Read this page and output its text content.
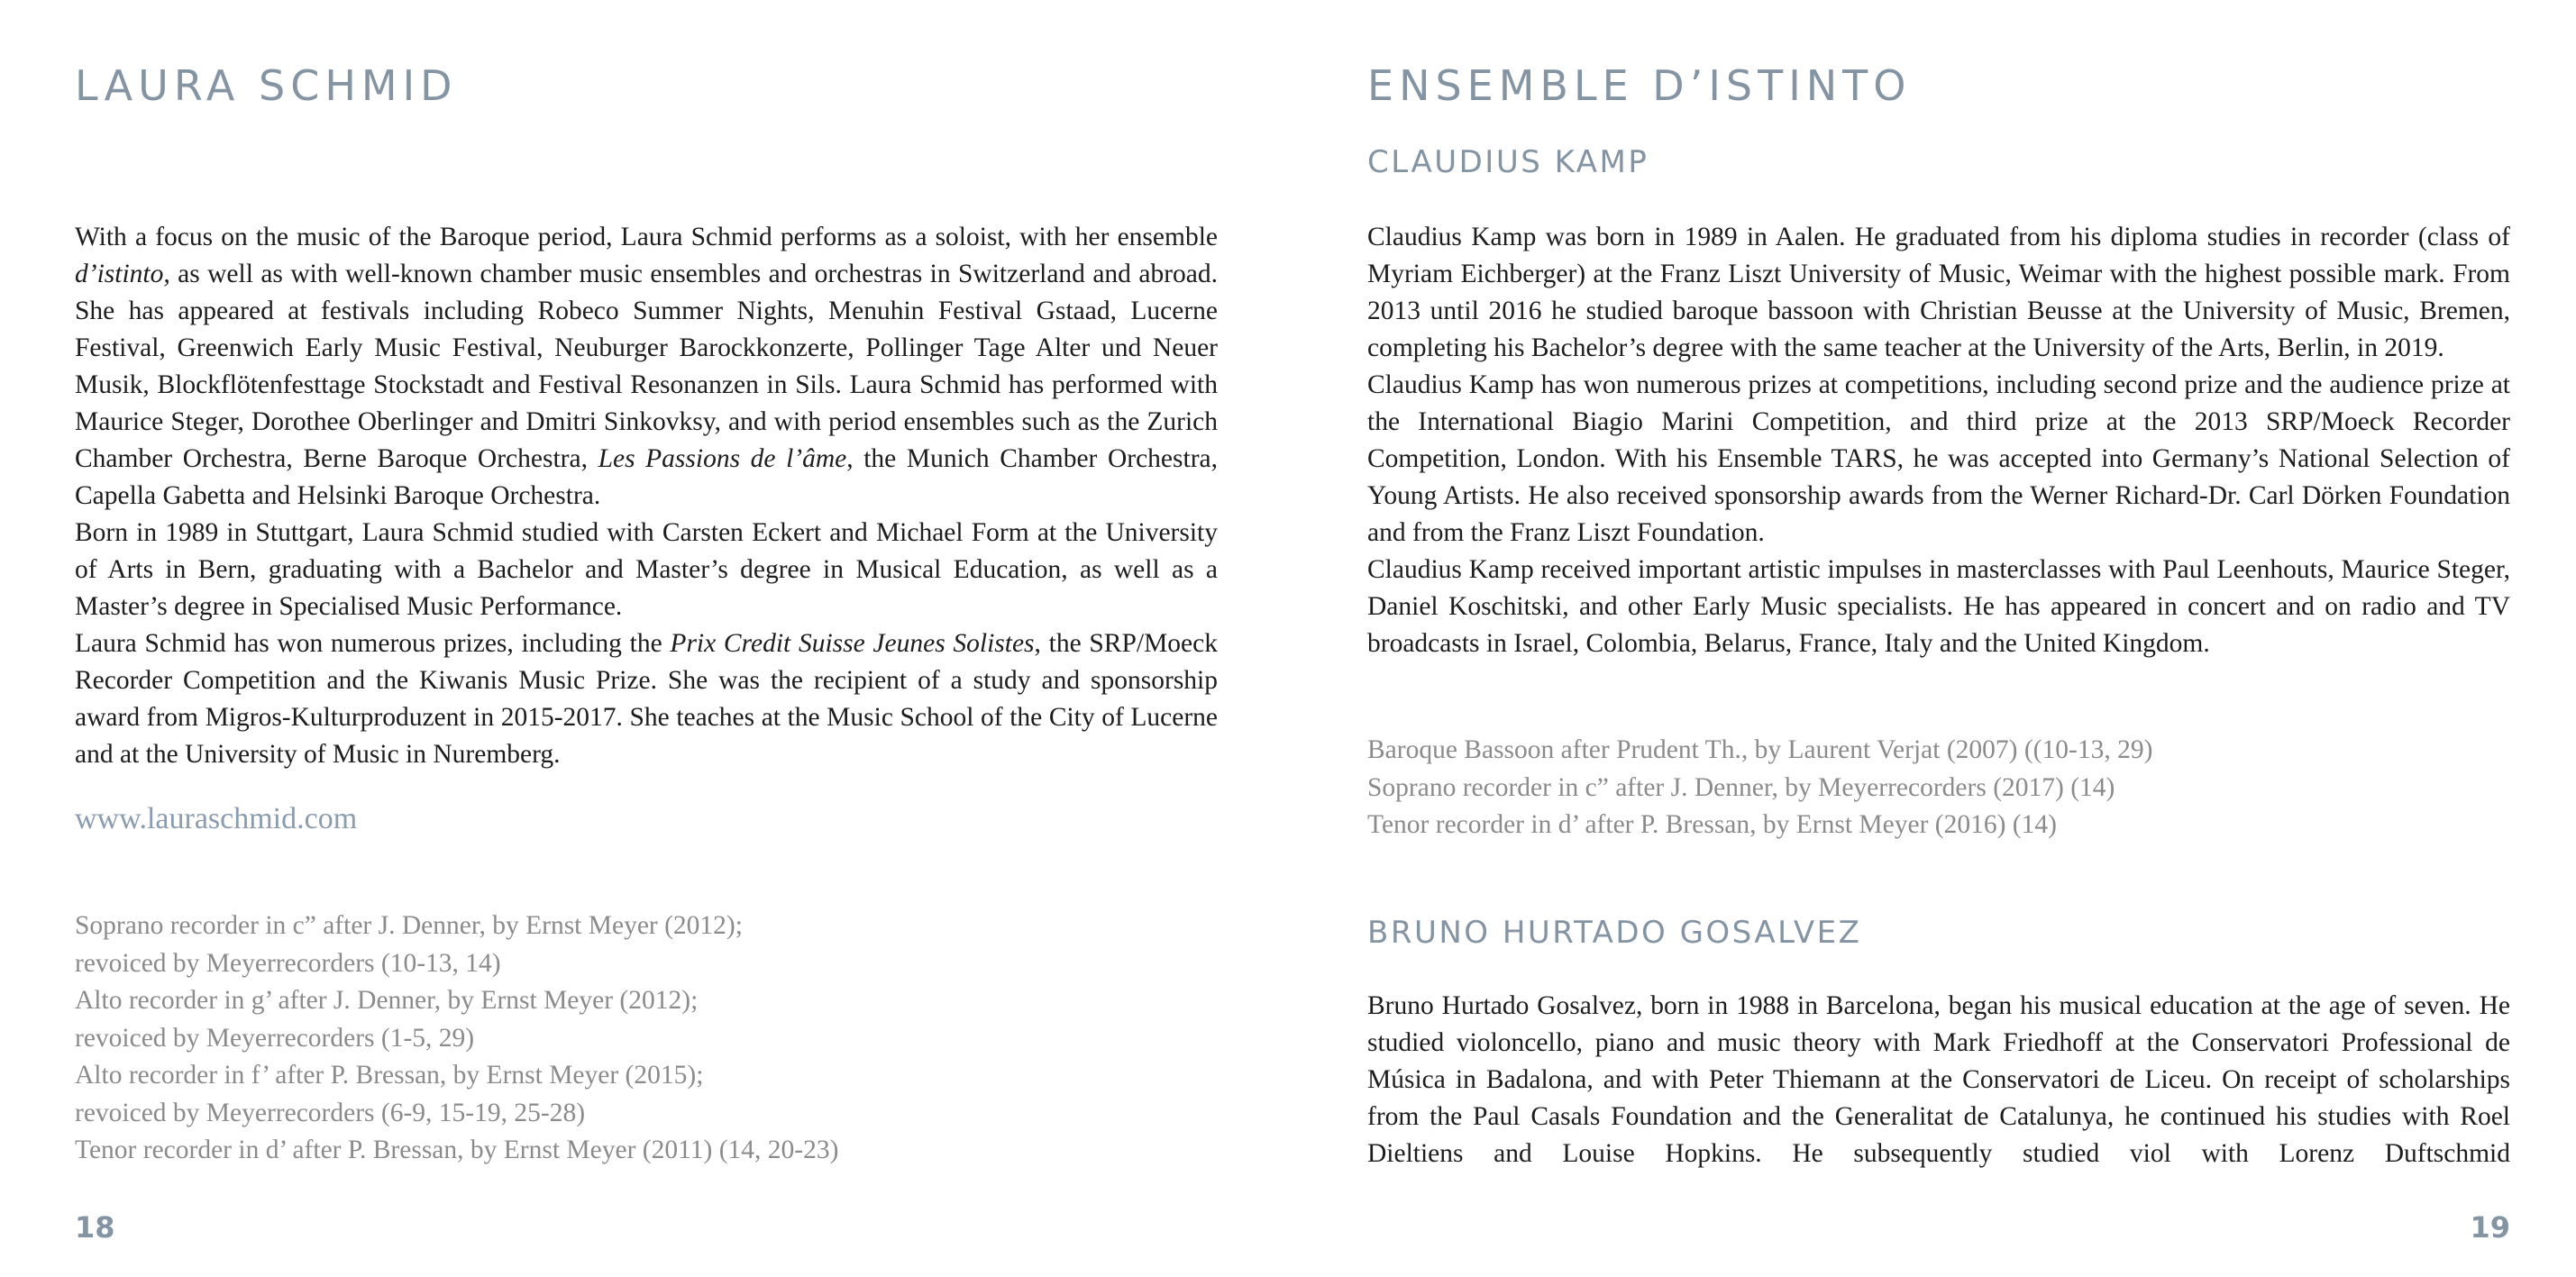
LAURA SCHMID

With a focus on the music of the Baroque period, Laura Schmid performs as a soloist, with her ensemble d’istinto, as well as with well-known chamber music ensembles and orchestras in Switzerland and abroad. She has appeared at festivals including Robeco Summer Nights, Menuhin Festival Gstaad, Lucerne Festival, Greenwich Early Music Festival, Neuburger Barockkonzerte, Pollinger Tage Alter und Neuer Musik, Blockflötenfesttage Stockstadt and Festival Resonanzen in Sils. Laura Schmid has performed with Maurice Steger, Dorothee Oberlinger and Dmitri Sinkovksy, and with period ensembles such as the Zurich Chamber Orchestra, Berne Baroque Orchestra, Les Passions de l’âme, the Munich Chamber Orchestra, Capella Gabetta and Helsinki Baroque Orchestra.

Born in 1989 in Stuttgart, Laura Schmid studied with Carsten Eckert and Michael Form at the University of Arts in Bern, graduating with a Bachelor and Master’s degree in Musical Education, as well as a Master’s degree in Specialised Music Performance.

Laura Schmid has won numerous prizes, including the Prix Credit Suisse Jeunes Solistes, the SRP/Moeck Recorder Competition and the Kiwanis Music Prize. She was the recipient of a study and sponsorship award from Migros-Kulturproduzent in 2015-2017. She teaches at the Music School of the City of Lucerne and at the University of Music in Nuremberg.

www.lauraschmid.com
Soprano recorder in c” after J. Denner, by Ernst Meyer (2012);
revoiced by Meyerrecorders (10-13, 14)
Alto recorder in g’ after J. Denner, by Ernst Meyer (2012);
revoiced by Meyerrecorders (1-5, 29)
Alto recorder in f’ after P. Bressan, by Ernst Meyer (2015);
revoiced by Meyerrecorders (6-9, 15-19, 25-28)
Tenor recorder in d’ after P. Bressan, by Ernst Meyer (2011) (14, 20-23)
18
ENSEMBLE D’ISTINTO
CLAUDIUS KAMP

Claudius Kamp was born in 1989 in Aalen. He graduated from his diploma studies in recorder (class of Myriam Eichberger) at the Franz Liszt University of Music, Weimar with the highest possible mark. From 2013 until 2016 he studied baroque bassoon with Christian Beusse at the University of Music, Bremen, completing his Bachelor’s degree with the same teacher at the University of the Arts, Berlin, in 2019.

Claudius Kamp has won numerous prizes at competitions, including second prize and the audience prize at the International Biagio Marini Competition, and third prize at the 2013 SRP/Moeck Recorder Competition, London. With his Ensemble TARS, he was accepted into Germany’s National Selection of Young Artists. He also received sponsorship awards from the Werner Richard-Dr. Carl Dörken Foundation and from the Franz Liszt Foundation.

Claudius Kamp received important artistic impulses in masterclasses with Paul Leenhouts, Maurice Steger, Daniel Koschitski, and other Early Music specialists. He has appeared in concert and on radio and TV broadcasts in Israel, Colombia, Belarus, France, Italy and the United Kingdom.

Baroque Bassoon after Prudent Th., by Laurent Verjat (2007) ((10-13, 29)
Soprano recorder in c” after J. Denner, by Meyerrecorders (2017) (14)
Tenor recorder in d’ after P. Bressan, by Ernst Meyer (2016) (14)
BRUNO HURTADO GOSALVEZ

Bruno Hurtado Gosalvez, born in 1988 in Barcelona, began his musical education at the age of seven. He studied violoncello, piano and music theory with Mark Friedhoff at the Conservatori Professional de Música in Badalona, and with Peter Thiemann at the Conservatori de Liceu. On receipt of scholarships from the Paul Casals Foundation and the Generalitat de Catalunya, he continued his studies with Roel Dieltiens and Louise Hopkins. He subsequently studied viol with Lorenz Duftschmid

19
